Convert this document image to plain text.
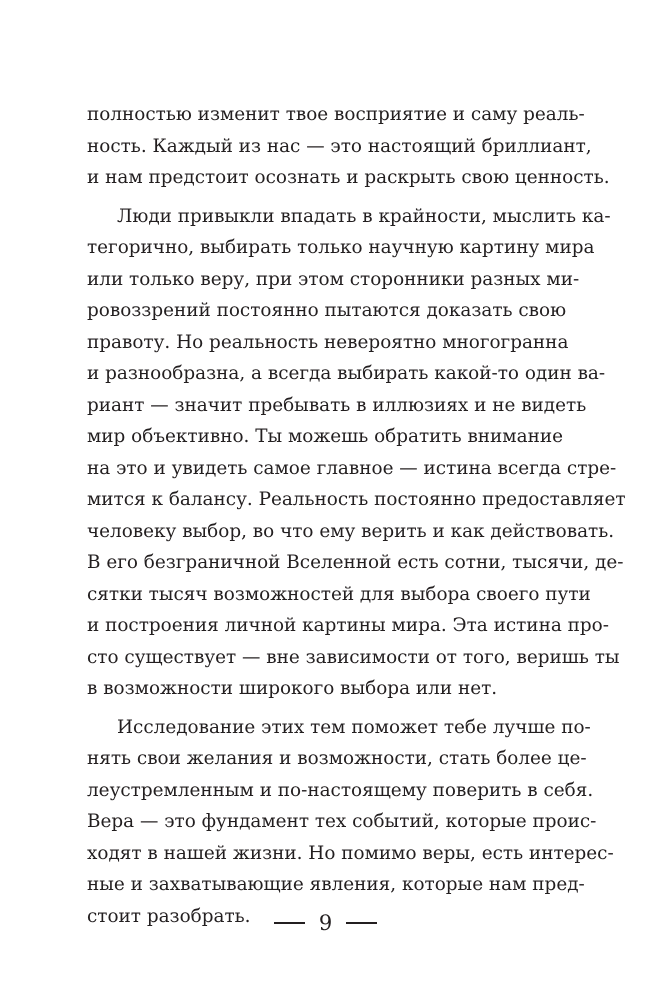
полностью изменит твое восприятие и саму реаль-
ность. Каждый из нас — это настоящий бриллиант,
и нам предстоит осознать и раскрыть свою ценность.
Люди привыкли впадать в крайности, мыслить ка-
тегорично, выбирать только научную картину мира
или только веру, при этом сторонники разных ми-
ровоззрений постоянно пытаются доказать свою
правоту. Но реальность невероятно многогранна
и разнообразна, а всегда выбирать какой-то один ва-
риант — значит пребывать в иллюзиях и не видеть
мир объективно. Ты можешь обратить внимание
на это и увидеть самое главное — истина всегда стре-
мится к балансу. Реальность постоянно предоставляет
человеку выбор, во что ему верить и как действовать.
В его безграничной Вселенной есть сотни, тысячи, де-
сятки тысяч возможностей для выбора своего пути
и построения личной картины мира. Эта истина про-
сто существует — вне зависимости от того, веришь ты
в возможности широкого выбора или нет.
Исследование этих тем поможет тебе лучше по-
нять свои желания и возможности, стать более це-
леустремленным и по-настоящему поверить в себя.
Вера — это фундамент тех событий, которые проис-
ходят в нашей жизни. Но помимо веры, есть интерес-
ные и захватывающие явления, которые нам пред-
стоит разобрать.	9
